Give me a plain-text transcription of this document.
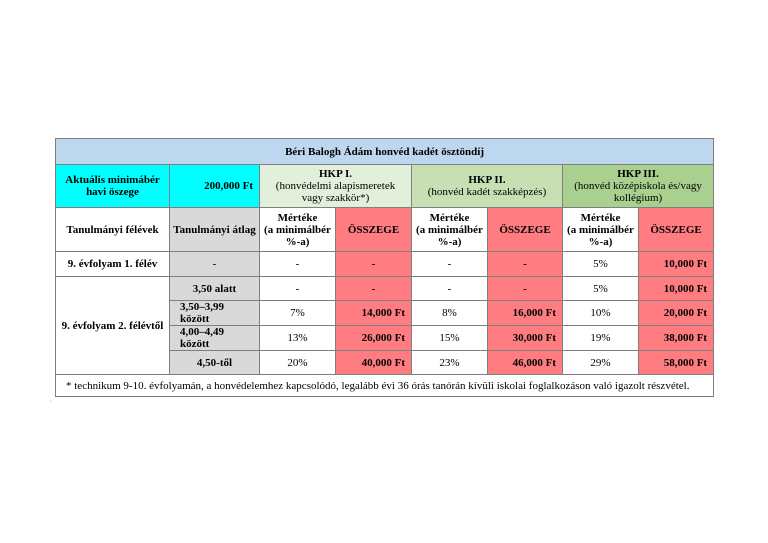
◦
Béri Balogh Ádám honvéd kadét ösztöndíj							
Aktuális minimábér
havi öszege	200,000 Ft	HKP I.
(honvédelmi alapismeretek
vagy szakkör*)		HKP II.
(honvéd kadét szakképzés)		HKP III.
(honvéd középiskola és/vagy
kollégium)	
Tanulmányi félévek	Tanulmányi átlag	Mértéke
(a minimálbér
%-a)	ÖSSZEGE	Mértéke
(a minimálbér
%-a)	ÖSSZEGE	Mértéke
(a minimálbér
%-a)	ÖSSZEGE
9. évfolyam 1. félév	-	-	-	-	-	5%	10,000 Ft
9. évfolyam 2. félévtől	3,50 alatt	-	-	-	-	5%	10,000 Ft
	3,50–3,99 között	7%	14,000 Ft	8%	16,000 Ft	10%	20,000 Ft
	4,00–4,49 között	13%	26,000 Ft	15%	30,000 Ft	19%	38,000 Ft
	4,50-től	20%	40,000 Ft	23%	46,000 Ft	29%	58,000 Ft
* technikum 9-10. évfolyamán, a honvédelemhez kapcsolódó, legalább évi 36 órás tanórán kívüli iskolai foglalkozáson való igazolt részvétel.							
